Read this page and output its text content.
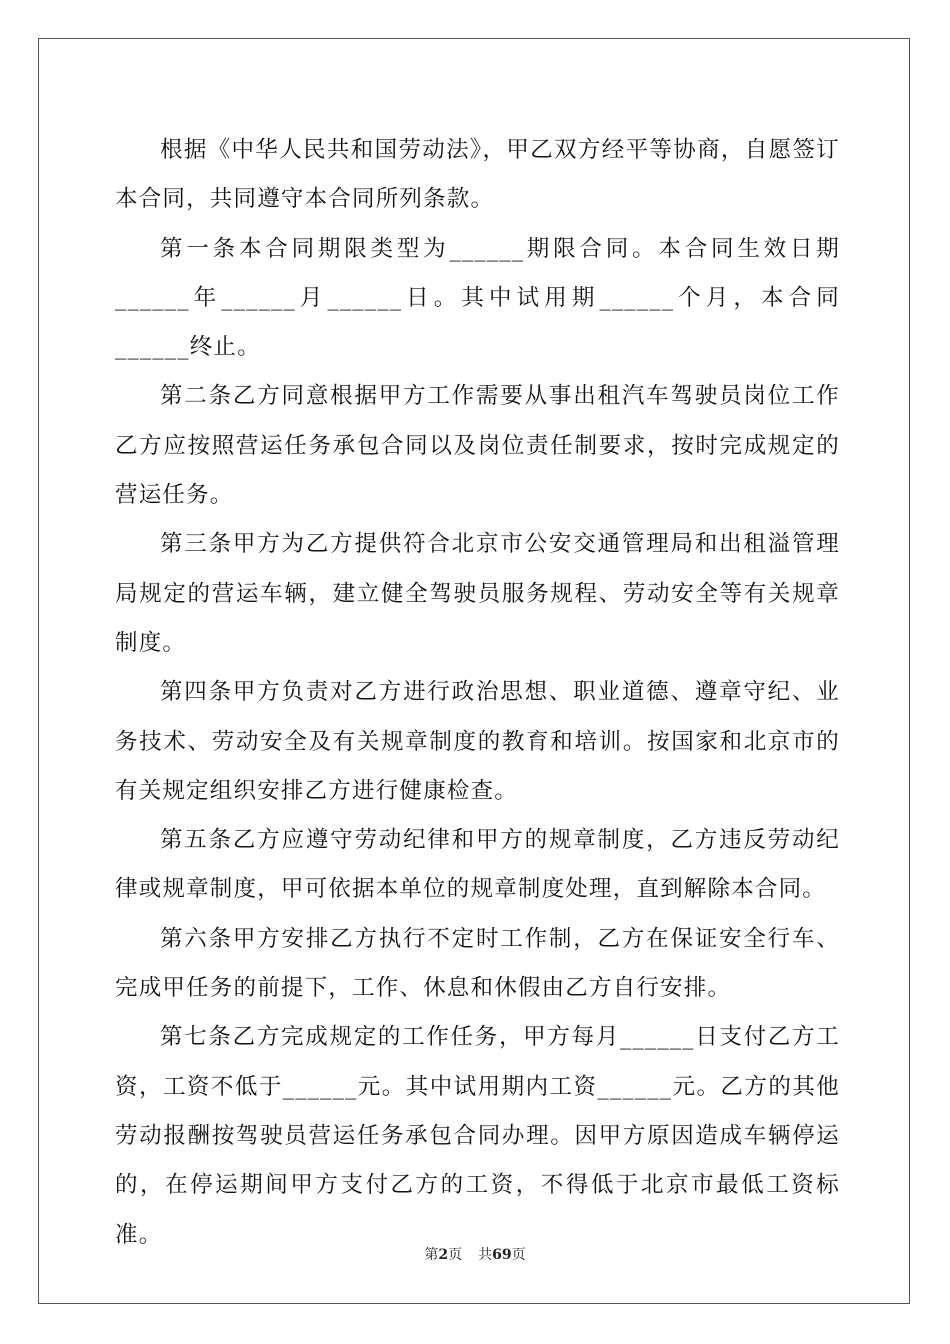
根据《中华人民共和国劳动法》，甲乙双方经平等协商，自愿签订本合同，共同遵守本合同所列条款。

第一条本合同期限类型为______期限合同。本合同生效日期______年______月______日。其中试用期______个月，本合同______终止。

第二条乙方同意根据甲方工作需要从事出租汽车驾驶员岗位工作乙方应按照营运任务承包合同以及岗位责任制要求，按时完成规定的营运任务。

第三条甲方为乙方提供符合北京市公安交通管理局和出租溢管理局规定的营运车辆，建立健全驾驶员服务规程、劳动安全等有关规章制度。

第四条甲方负责对乙方进行政治思想、职业道德、遵章守纪、业务技术、劳动安全及有关规章制度的教育和培训。按国家和北京市的有关规定组织安排乙方进行健康检查。

第五条乙方应遵守劳动纪律和甲方的规章制度，乙方违反劳动纪律或规章制度，甲可依据本单位的规章制度处理，直到解除本合同。

第六条甲方安排乙方执行不定时工作制，乙方在保证安全行车、完成甲任务的前提下，工作、休息和休假由乙方自行安排。

第七条乙方完成规定的工作任务，甲方每月______日支付乙方工资，工资不低于______元。其中试用期内工资______元。乙方的其他劳动报酬按驾驶员营运任务承包合同办理。因甲方原因造成车辆停运的，在停运期间甲方支付乙方的工资，不得低于北京市最低工资标准。

第2页 共69页
